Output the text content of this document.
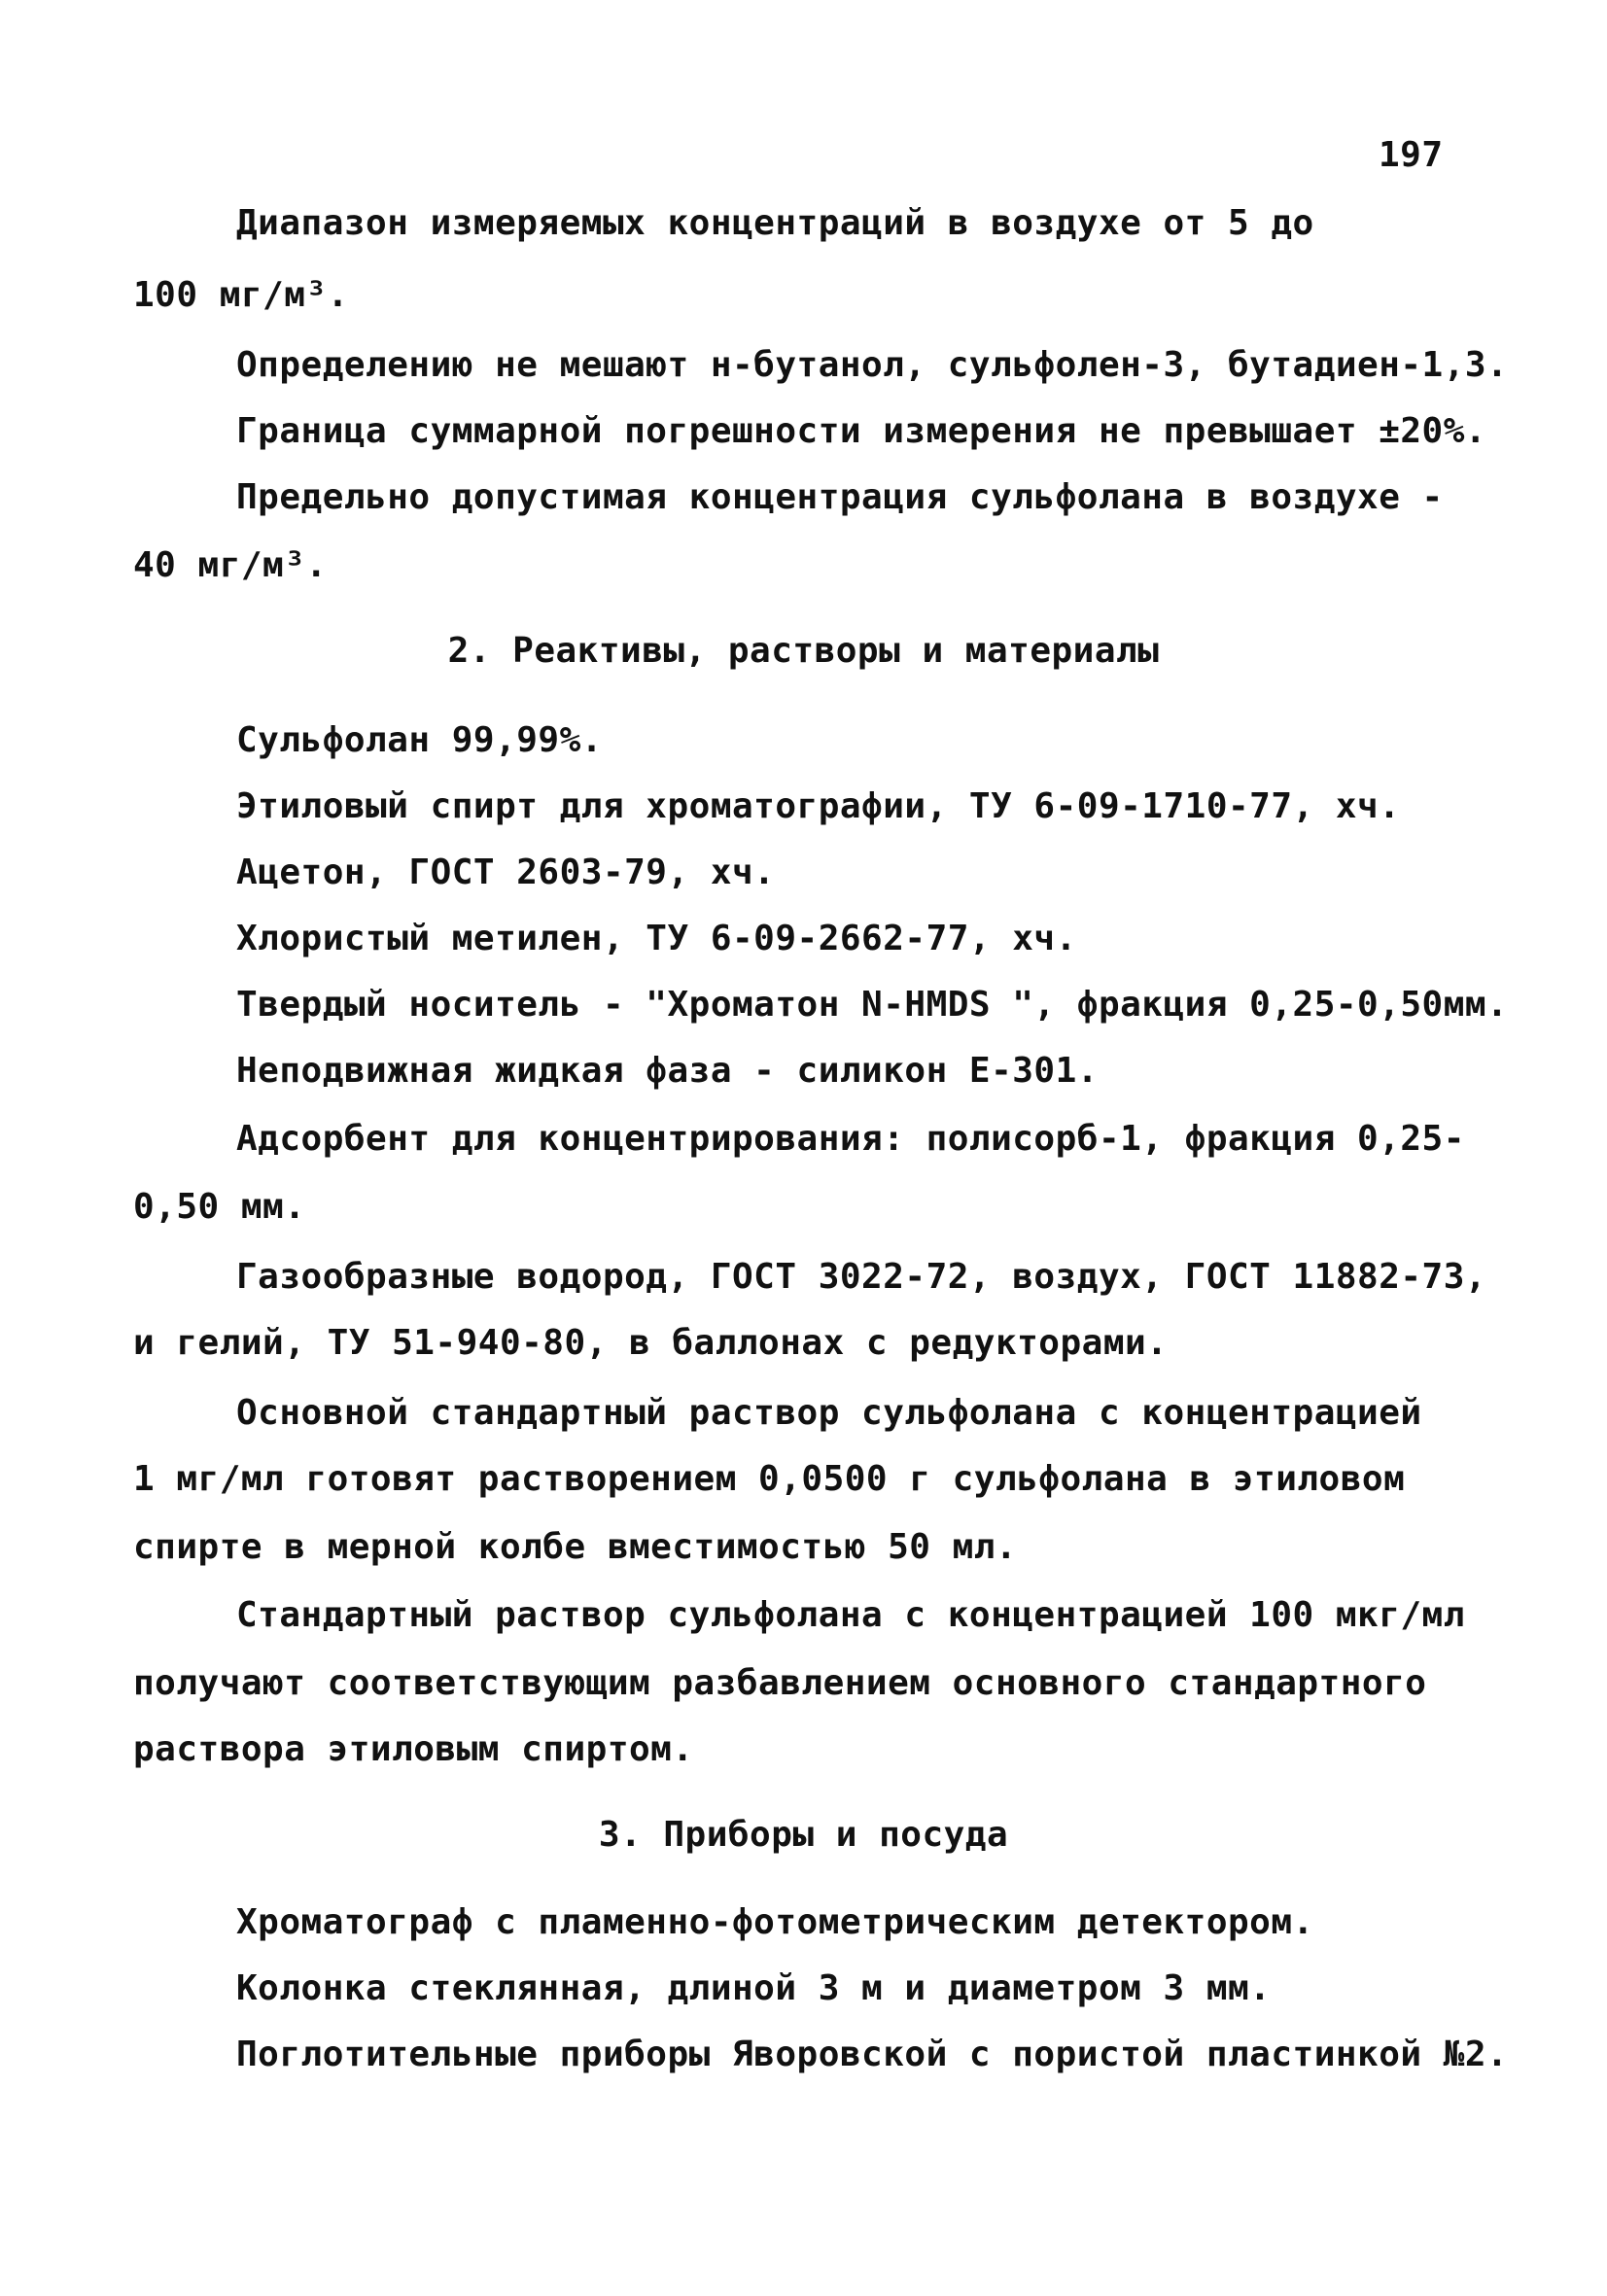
197
Диапазон измеряемых концентраций в воздухе от 5 до
100 мг/м³.
Определению не мешают н-бутанол, сульфолен-3, бутадиен-1,3.
Граница суммарной погрешности измерения не превышает ±20%.
Предельно допустимая концентрация сульфолана в воздухе -
40 мг/м³.
2. Реактивы, растворы и материалы
Сульфолан 99,99%.
Этиловый спирт для хроматографии, ТУ 6-09-1710-77, хч.
Ацетон, ГОСТ 2603-79, хч.
Хлористый метилен, ТУ 6-09-2662-77, хч.
Твердый носитель - "Хроматон N-HMDS ", фракция 0,25-0,50мм.
Неподвижная жидкая фаза - силикон Е-301.
Адсорбент для концентрирования: полисорб-1, фракция 0,25-
0,50 мм.
Газообразные водород, ГОСТ 3022-72, воздух, ГОСТ 11882-73,
и гелий, ТУ 51-940-80, в баллонах с редукторами.
Основной стандартный раствор сульфолана с концентрацией
1 мг/мл готовят растворением 0,0500 г сульфолана в этиловом
спирте в мерной колбе вместимостью 50 мл.
Стандартный раствор сульфолана с концентрацией 100 мкг/мл
получают соответствующим разбавлением основного стандартного
раствора этиловым спиртом.
3. Приборы и посуда
Хроматограф с пламенно-фотометрическим детектором.
Колонка стеклянная, длиной 3 м и диаметром 3 мм.
Поглотительные приборы Яворовской с пористой пластинкой №2.
